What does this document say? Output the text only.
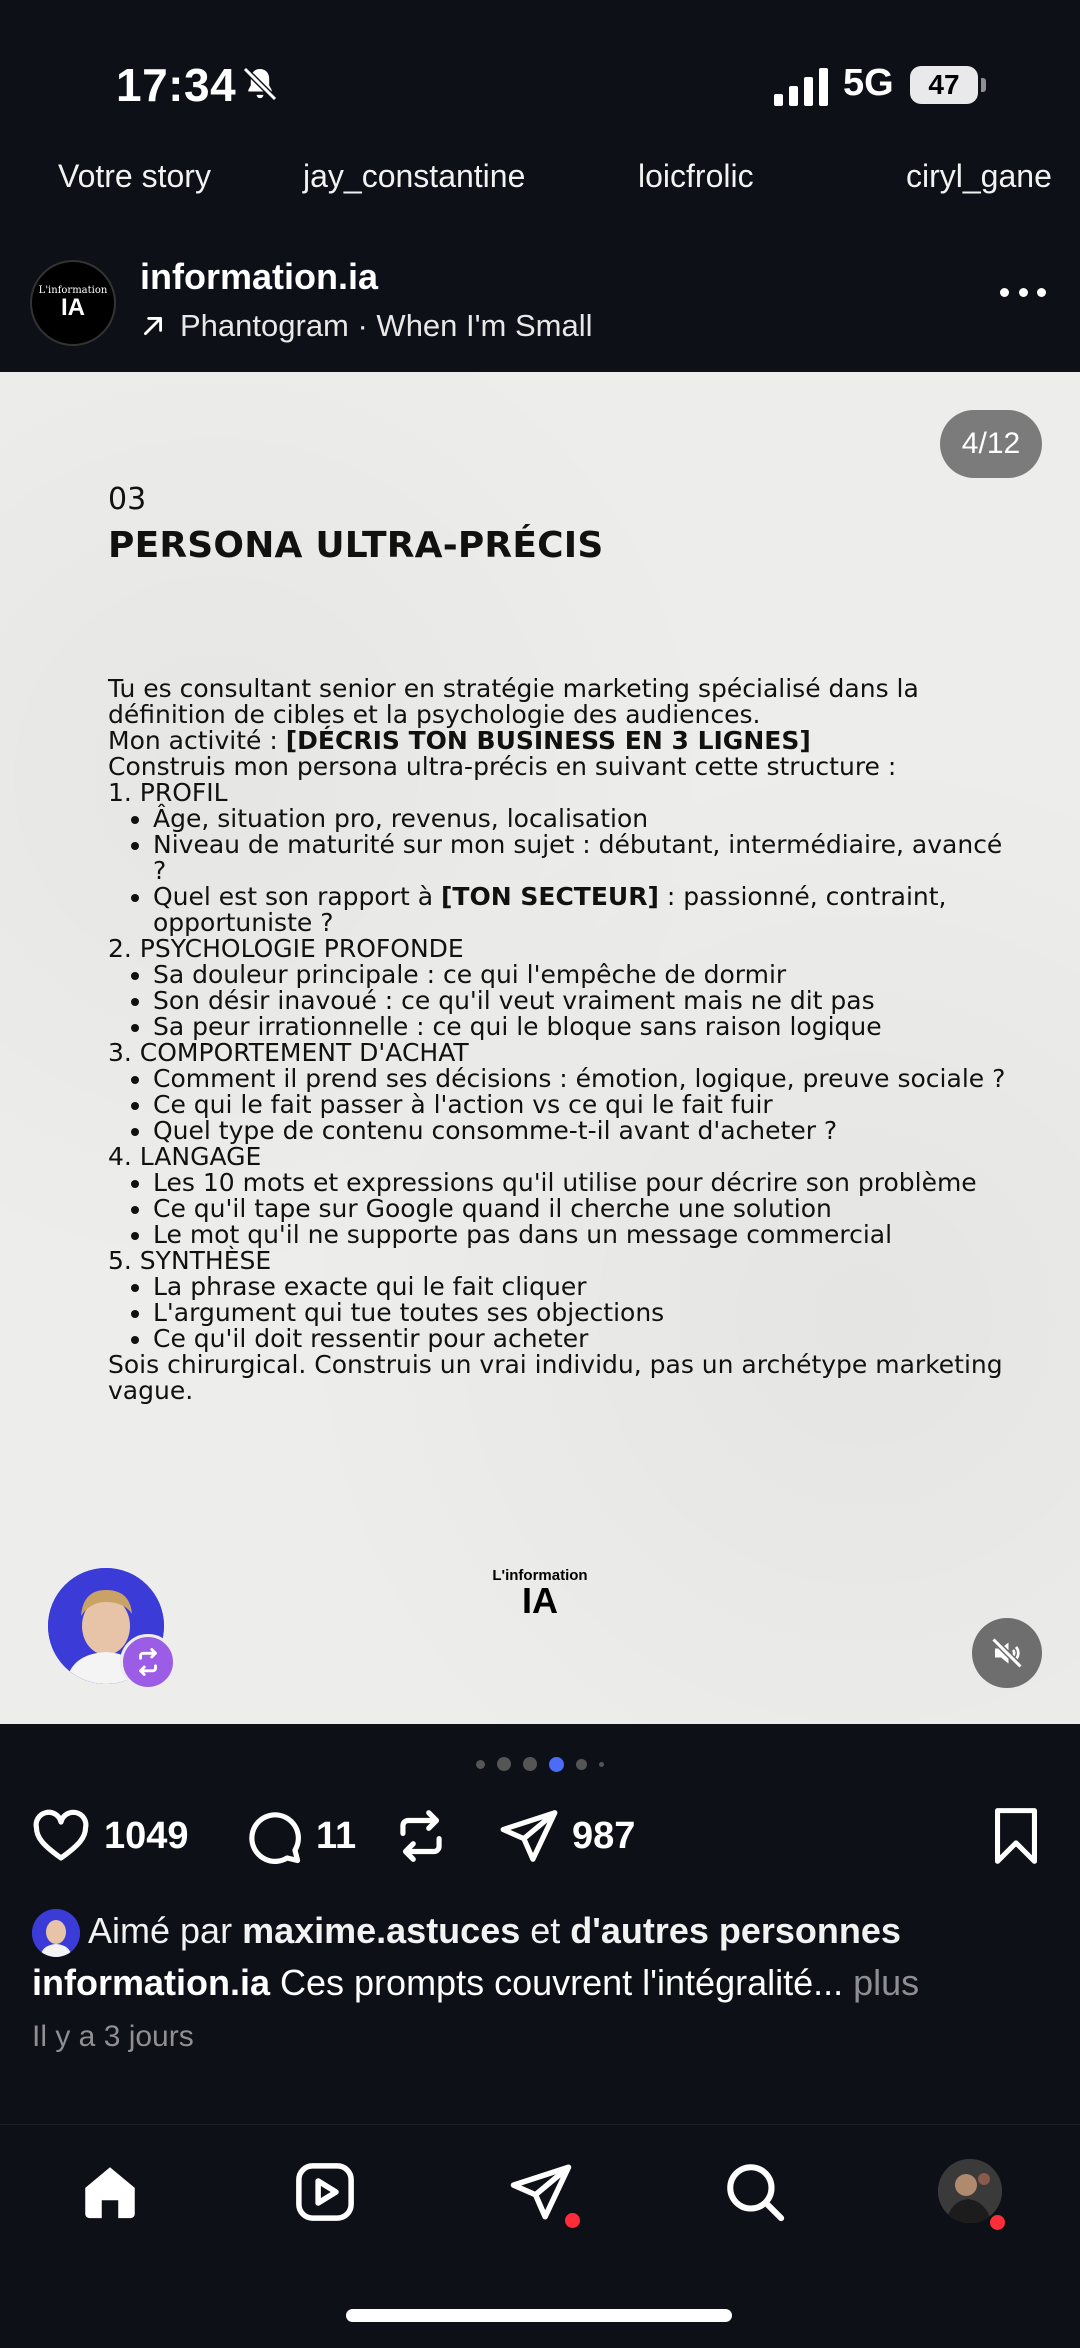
17:34	5G	47
Votre story	jay_constantine	loicfrolic	ciryl_gane
L'information
IA
information.ia
Phantogram · When I'm Small
4/12
03
PERSONA ULTRA-PRÉCIS

Tu es consultant senior en stratégie marketing spécialisé dans la définition de cibles et la psychologie des audiences.

Mon activité : [DÉCRIS TON BUSINESS EN 3 LIGNES]

Construis mon persona ultra-précis en suivant cette structure :

1. PROFIL

• Âge, situation pro, revenus, localisation
• Niveau de maturité sur mon sujet : débutant, intermédiaire, avancé ?
• Quel est son rapport à [TON SECTEUR] : passionné, contraint, opportuniste ?

2. PSYCHOLOGIE PROFONDE

• Sa douleur principale : ce qui l'empêche de dormir
• Son désir inavoué : ce qu'il veut vraiment mais ne dit pas
• Sa peur irrationnelle : ce qui le bloque sans raison logique

3. COMPORTEMENT D'ACHAT

• Comment il prend ses décisions : émotion, logique, preuve sociale ?
• Ce qui le fait passer à l'action vs ce qui le fait fuir
• Quel type de contenu consomme-t-il avant d'acheter ?

4. LANGAGE

• Les 10 mots et expressions qu'il utilise pour décrire son problème
• Ce qu'il tape sur Google quand il cherche une solution
• Le mot qu'il ne supporte pas dans un message commercial

5. SYNTHÈSE

• La phrase exacte qui le fait cliquer
• L'argument qui tue toutes ses objections
• Ce qu'il doit ressentir pour acheter

Sois chirurgical. Construis un vrai individu, pas un archétype marketing vague.

L'information
IA
1049	11	987
Aimé par maxime.astuces et d'autres personnes
information.ia Ces prompts couvrent l'intégralité... plus
Il y a 3 jours
